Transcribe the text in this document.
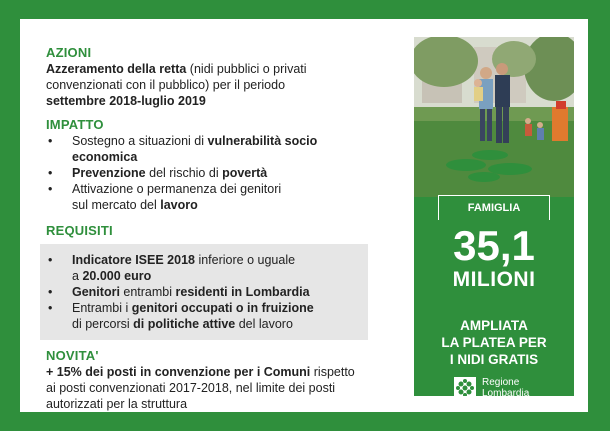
AZIONI

Azzeramento della retta (nidi pubblici o privati

convenzionati con il pubblico) per il periodo

settembre 2018-luglio 2019

IMPATTO
• Sostegno a situazioni di vulnerabilità socio economica
• Prevenzione del rischio di povertà
• Attivazione o permanenza dei genitori
sul mercato del lavoro
REQUISITI
• Indicatore ISEE 2018 inferiore o uguale
a 20.000 euro
• Genitori entrambi residenti in Lombardia
• Entrambi i genitori occupati o in fruizione
di percorsi di politiche attive del lavoro
NOVITA'

+ 15% dei posti in convenzione per i Comuni rispetto

ai posti convenzionati 2017-2018, nel limite dei posti

autorizzati per la struttura

FAMIGLIA
35,1
MILIONI
AMPLIATA
LA PLATEA PER
I NIDI GRATIS
Regione
Lombardia
